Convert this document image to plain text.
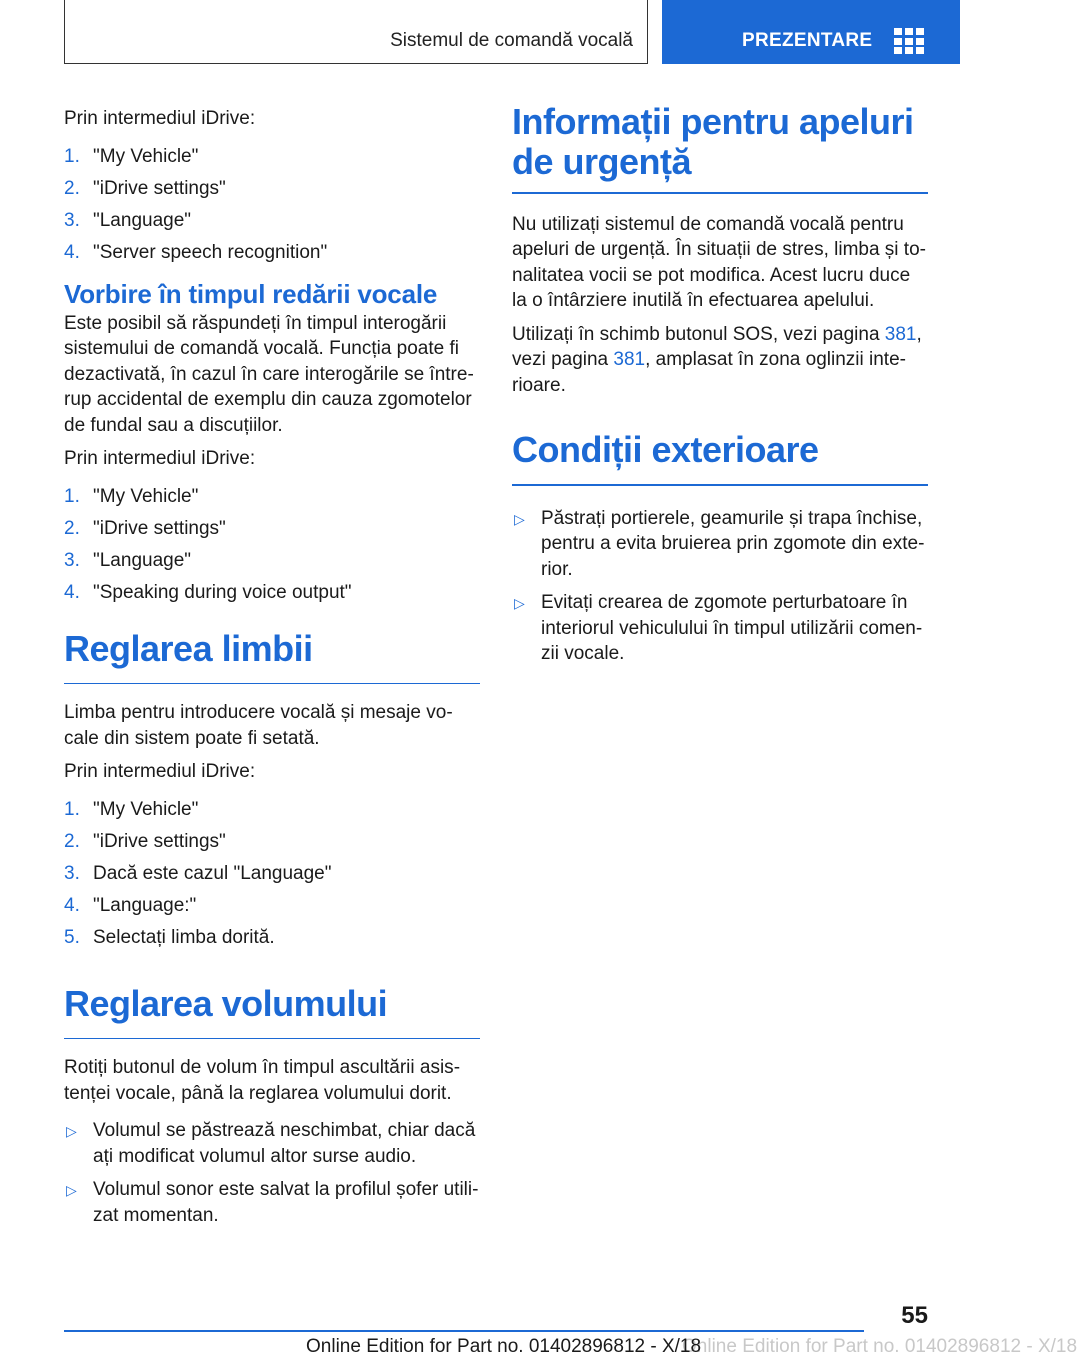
Sistemul de comandă vocală	PREZENTARE

Prin intermediul iDrive:

1. "My Vehicle"
2. "iDrive settings"
3. "Language"
4. "Server speech recognition"
Vorbire în timpul redării vocale

Este posibil să răspundeți în timpul interogării sistemului de comandă vocală. Funcția poate fi dezactivată, în cazul în care interogările se întrerup accidental de exemplu din cauza zgomotelor de fundal sau a discuțiilor.

Prin intermediul iDrive:

1. "My Vehicle"
2. "iDrive settings"
3. "Language"
4. "Speaking during voice output"
Reglarea limbii

Limba pentru introducere vocală și mesaje vocale din sistem poate fi setată.

Prin intermediul iDrive:

1. "My Vehicle"
2. "iDrive settings"
3. Dacă este cazul "Language"
4. "Language:"
5. Selectați limba dorită.
Reglarea volumului

Rotiți butonul de volum în timpul ascultării asistenței vocale, până la reglarea volumului dorit.

▷ Volumul se păstrează neschimbat, chiar dacă ați modificat volumul altor surse audio.
▷ Volumul sonor este salvat la profilul șofer utilizat momentan.
Informații pentru apeluri de urgență

Nu utilizați sistemul de comandă vocală pentru apeluri de urgență. În situații de stres, limba și tonalitatea vocii se pot modifica. Acest lucru duce la o întârziere inutilă în efectuarea apelului.

Utilizați în schimb butonul SOS, vezi pagina 381, vezi pagina 381, amplasat în zona oglinzii interioare.

Condiții exterioare
▷ Păstrați portierele, geamurile și trapa închise, pentru a evita bruierea prin zgomote din exterior.
▷ Evitați crearea de zgomote perturbatoare în interiorul vehiculului în timpul utilizării comenzii vocale.
55
Online Edition for Part no. 01402896812 - X/18
Online Edition for Part no. 01402896812 - X/18
